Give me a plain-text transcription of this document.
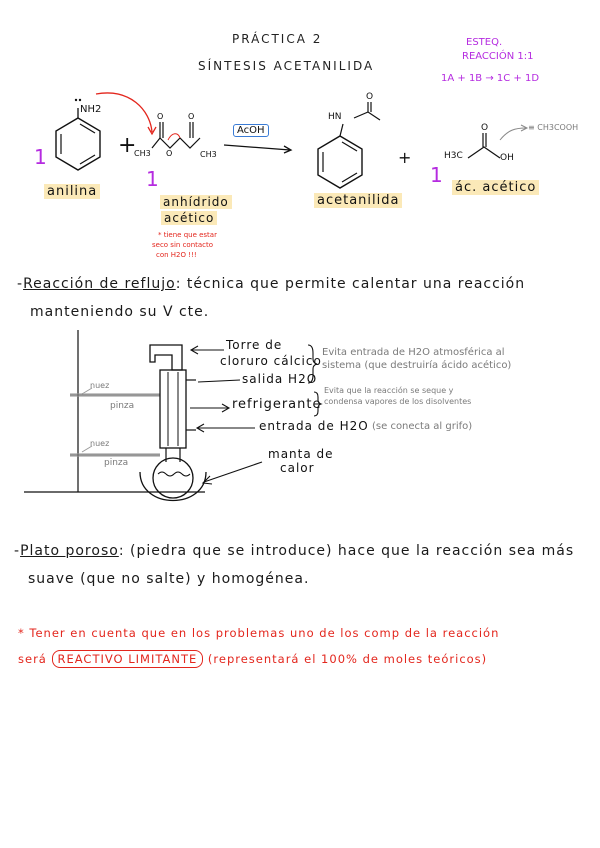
PRÁCTICA 2
SÍNTESIS ACETANILIDA
ESTEQ.
REACCIÓN 1:1
1A + 1B → 1C + 1D
O	O
O
NH2
1
anilina
+
CH3	CH3
1
anhídrido
acético
* tiene que estar
seco sin contacto
con H2O !!!
AcOH
HN
O
acetanilida
+
1
H3C
O
OH
ác. acético
≡ CH3COOH
-Reacción de reflujo: técnica que permite calentar una reacción
manteniendo su V cte.
nuez
pinza
nuez
pinza
Torre de
cloruro cálcico
salida H2O
refrigerante
entrada de H2O (se conecta al grifo)
manta de
calor
Evita entrada de H2O atmosférica al
sistema (que destruiría ácido acético)
Evita que la reacción se seque y
condensa vapores de los disolventes
-Plato poroso: (piedra que se introduce) hace que la reacción sea más
suave (que no salte) y homogénea.
* Tener en cuenta que en los problemas uno de los comp de la reacción
será REACTIVO LIMITANTE (representará el 100% de moles teóricos)
